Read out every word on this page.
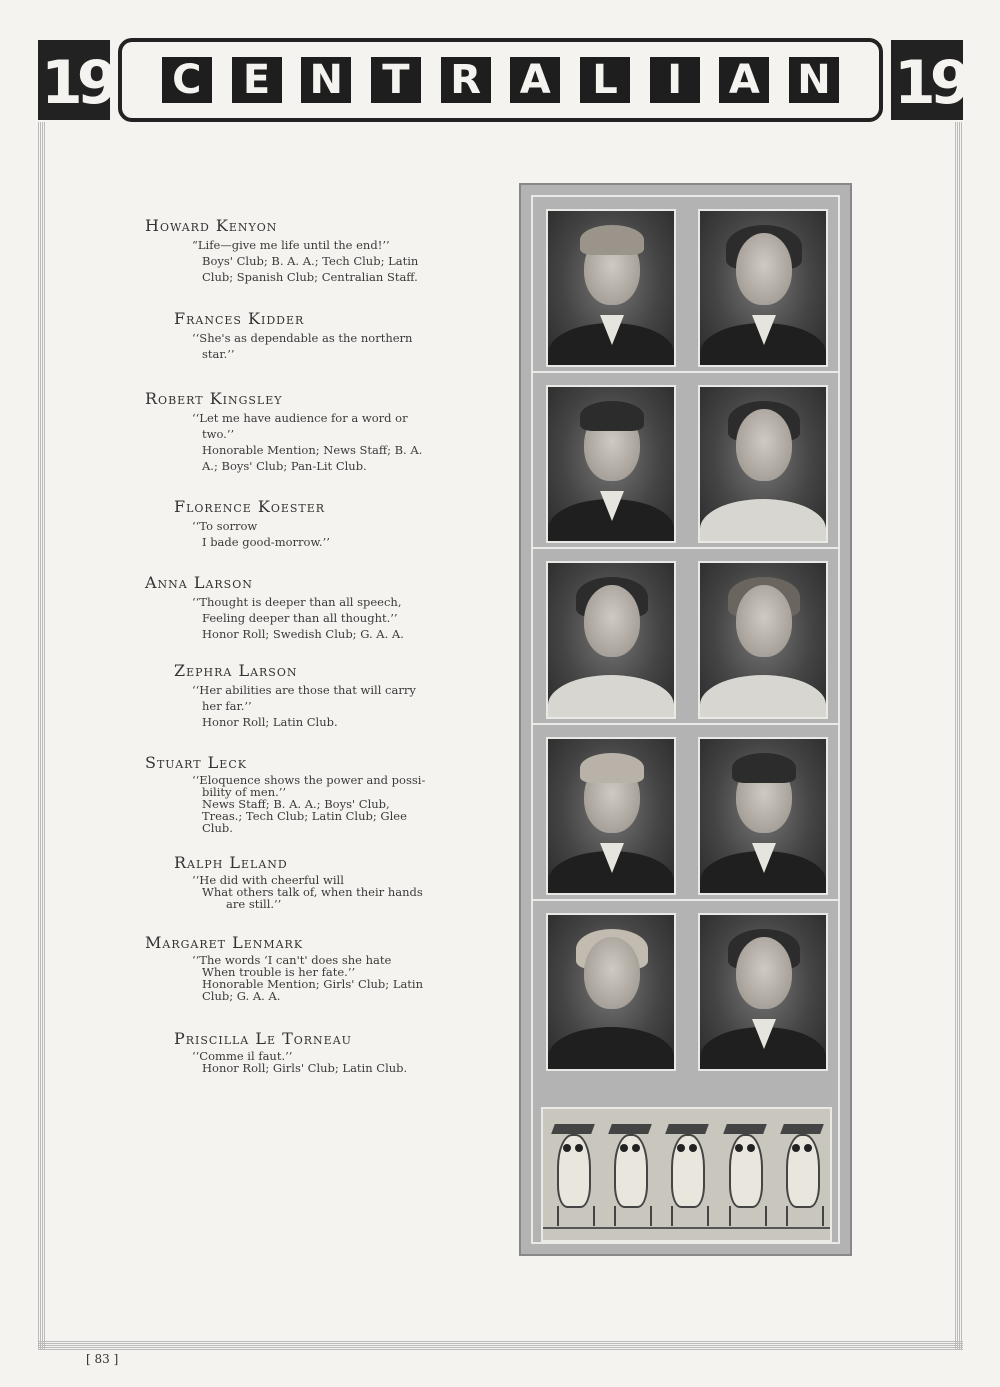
19	C	E N T	R A	L	I	A N 19
Howard Kenyon
“Life—give me life until the end!’’
Boys' Club; B. A. A.; Tech Club; Latin
Club; Spanish Club; Centralian Staff.
Frances Kidder
‘‘She's as dependable as the northern
star.’’
Robert Kingsley
‘‘Let me have audience for a word or
two.’’
Honorable Mention; News Staff; B. A.
A.; Boys' Club; Pan-Lit Club.
Florence Koester
‘‘To sorrow
I bade good-morrow.’’
Anna Larson
‘‘Thought is deeper than all speech,
Feeling deeper than all thought.’’
Honor Roll; Swedish Club; G. A. A.
Zephra Larson
‘‘Her abilities are those that will carry
her far.’’
Honor Roll; Latin Club.
Stuart Leck
‘‘Eloquence shows the power and possi-
bility of men.’’
News Staff; B. A. A.; Boys' Club,
Treas.; Tech Club; Latin Club; Glee
Club.
Ralph Leland
‘‘He did with cheerful will
What others talk of, when their hands
are still.’’
Margaret Lenmark
‘‘The words ‘I can't' does she hate
When trouble is her fate.’’
Honorable Mention; Girls' Club; Latin
Club; G. A. A.
Priscilla Le Torneau
‘‘Comme il faut.’’
Honor Roll; Girls' Club; Latin Club.
[ 83 ]
